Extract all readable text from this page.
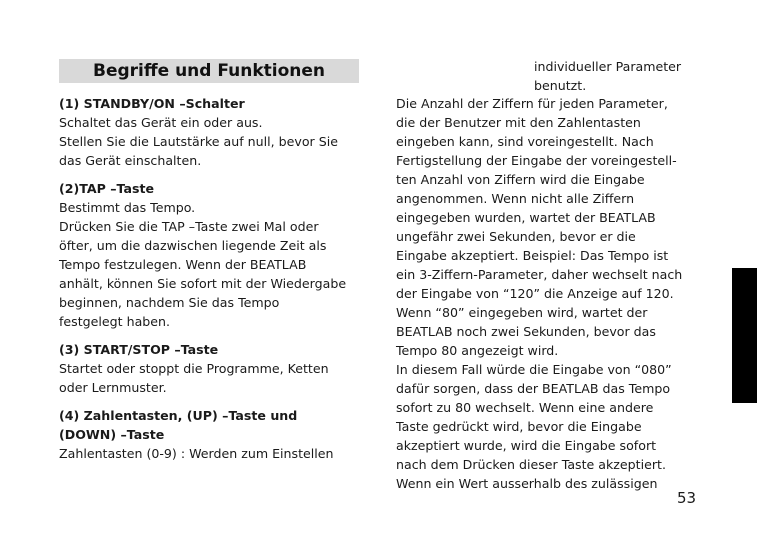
Begriffe und Funktionen
(1) STANDBY/ON –Schalter
Schaltet das Gerät ein oder aus.
Stellen Sie die Lautstärke auf null, bevor Sie
das Gerät einschalten.
(2)TAP –Taste
Bestimmt das Tempo.
Drücken Sie die TAP –Taste zwei Mal oder
öfter, um die dazwischen liegende Zeit als
Tempo festzulegen. Wenn der BEATLAB
anhält, können Sie sofort mit der Wiedergabe
beginnen, nachdem Sie das Tempo
festgelegt haben.
(3) START/STOP –Taste
Startet oder stoppt die Programme, Ketten
oder Lernmuster.
(4) Zahlentasten, (UP) –Taste und
(DOWN) –Taste
Zahlentasten (0-9) : Werden zum Einstellen
individueller Parameter
benutzt.
Die Anzahl der Ziffern für jeden Parameter,
die der Benutzer mit den Zahlentasten
eingeben kann, sind voreingestellt. Nach
Fertigstellung der Eingabe der voreingestell-
ten Anzahl von Ziffern wird die Eingabe
angenommen. Wenn nicht alle Ziffern
eingegeben wurden, wartet der BEATLAB
ungefähr zwei Sekunden, bevor er die
Eingabe akzeptiert. Beispiel: Das Tempo ist
ein 3-Ziffern-Parameter, daher wechselt nach
der Eingabe von “120” die Anzeige auf 120.
Wenn “80” eingegeben wird, wartet der
BEATLAB noch zwei Sekunden, bevor das
Tempo 80 angezeigt wird.
In diesem Fall würde die Eingabe von “080”
dafür sorgen, dass der BEATLAB das Tempo
sofort zu 80 wechselt. Wenn eine andere
Taste gedrückt wird, bevor die Eingabe
akzeptiert wurde, wird die Eingabe sofort
nach dem Drücken dieser Taste akzeptiert.
Wenn ein Wert ausserhalb des zulässigen
53
